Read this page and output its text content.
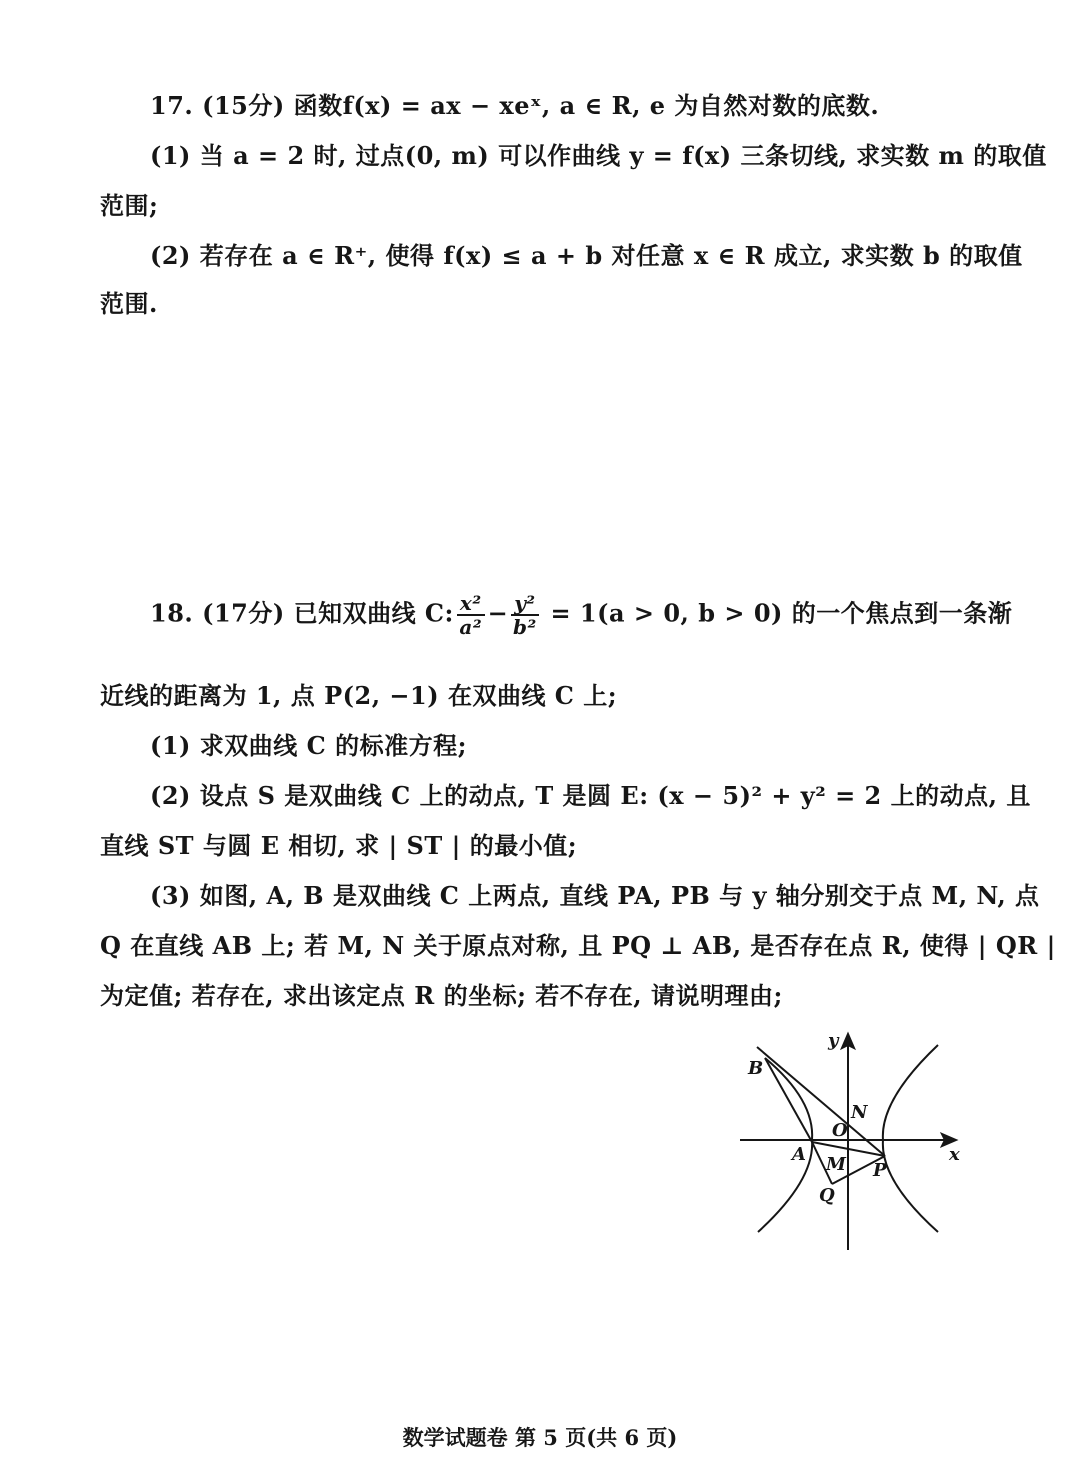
17. (15分) 函数f(x) = ax − xeˣ, a ∈ R, e 为自然对数的底数.
(1) 当 a = 2 时, 过点(0, m) 可以作曲线 y = f(x) 三条切线, 求实数 m 的取值
范围;
(2) 若存在 a ∈ R⁺, 使得 f(x) ≤ a + b 对任意 x ∈ R 成立, 求实数 b 的取值
范围.
18. (17分) 已知双曲线 C: $\frac{\text{x²}}{\text{a²}} - \frac{\text{y²}}{\text{b²}} = 1(a > 0$, b > 0) 的一个焦点到一条渐
近线的距离为 1, 点 P(2, −1) 在双曲线 C 上;
(1) 求双曲线 C 的标准方程;
(2) 设点 S 是双曲线 C 上的动点, T 是圆 E: (x − 5)² + y² = 2 上的动点, 且
直线 ST 与圆 E 相切, 求 | ST | 的最小值;
(3) 如图, A, B 是双曲线 C 上两点, 直线 PA, PB 与 y 轴分别交于点 M, N, 点
Q 在直线 AB 上; 若 M, N 关于原点对称, 且 PQ ⊥ AB, 是否存在点 R, 使得 | QR |
为定值; 若存在, 求出该定点 R 的坐标; 若不存在, 请说明理由;
y
x
B
N
O
A M P
Q
数学试题卷 第 5 页(共 6 页)
